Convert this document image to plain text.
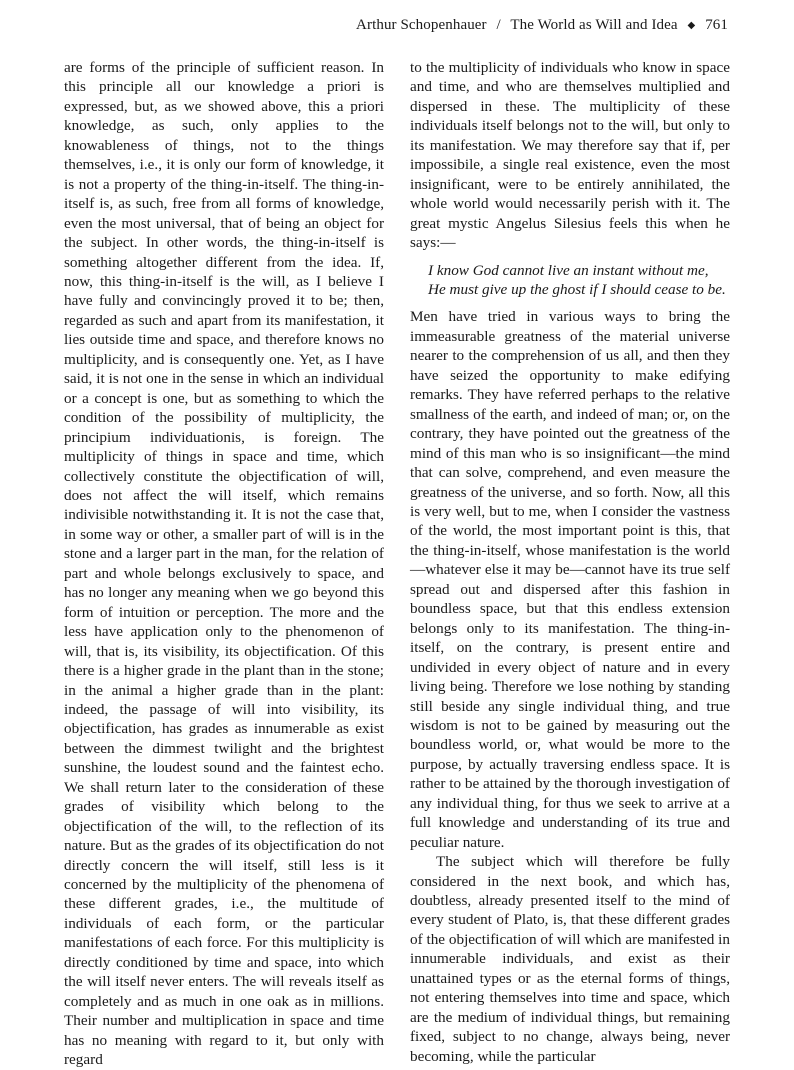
Arthur Schopenhauer / The World as Will and Idea ◆ 761

are forms of the principle of sufficient reason. In this principle all our knowledge a priori is expressed, but, as we showed above, this a priori knowledge, as such, only applies to the knowableness of things, not to the things themselves, i.e., it is only our form of knowledge, it is not a property of the thing-in-itself. The thing-in-itself is, as such, free from all forms of knowledge, even the most universal, that of being an object for the subject. In other words, the thing-in-itself is something altogether different from the idea. If, now, this thing-in-itself is the will, as I believe I have fully and convincingly proved it to be; then, regarded as such and apart from its manifestation, it lies outside time and space, and therefore knows no multiplicity, and is consequently one. Yet, as I have said, it is not one in the sense in which an individual or a concept is one, but as something to which the condition of the possibility of multiplicity, the principium individuationis, is foreign. The multiplicity of things in space and time, which collectively constitute the objectification of will, does not affect the will itself, which remains indivisible notwithstanding it. It is not the case that, in some way or other, a smaller part of will is in the stone and a larger part in the man, for the relation of part and whole belongs exclusively to space, and has no longer any meaning when we go beyond this form of intuition or perception. The more and the less have application only to the phenomenon of will, that is, its visibility, its objectification. Of this there is a higher grade in the plant than in the stone; in the animal a higher grade than in the plant: indeed, the passage of will into visibility, its objectification, has grades as innumerable as exist between the dimmest twilight and the brightest sunshine, the loudest sound and the faintest echo. We shall return later to the consideration of these grades of visibility which belong to the objectification of the will, to the reflection of its nature. But as the grades of its objectification do not directly concern the will itself, still less is it concerned by the multiplicity of the phenomena of these different grades, i.e., the multitude of individuals of each form, or the particular manifestations of each force. For this multiplicity is directly conditioned by time and space, into which the will itself never enters. The will reveals itself as completely and as much in one oak as in millions. Their number and multiplication in space and time has no meaning with regard to it, but only with regard

to the multiplicity of individuals who know in space and time, and who are themselves multiplied and dispersed in these. The multiplicity of these individuals itself belongs not to the will, but only to its manifestation. We may therefore say that if, per impossibile, a single real existence, even the most insignificant, were to be entirely annihilated, the whole world would necessarily perish with it. The great mystic Angelus Silesius feels this when he says:—

I know God cannot live an instant without me,
He must give up the ghost if I should cease to be.

Men have tried in various ways to bring the immeasurable greatness of the material universe nearer to the comprehension of us all, and then they have seized the opportunity to make edifying remarks. They have referred perhaps to the relative smallness of the earth, and indeed of man; or, on the contrary, they have pointed out the greatness of the mind of this man who is so insignificant—the mind that can solve, comprehend, and even measure the greatness of the universe, and so forth. Now, all this is very well, but to me, when I consider the vastness of the world, the most important point is this, that the thing-in-itself, whose manifestation is the world—whatever else it may be—cannot have its true self spread out and dispersed after this fashion in boundless space, but that this endless extension belongs only to its manifestation. The thing-in-itself, on the contrary, is present entire and undivided in every object of nature and in every living being. Therefore we lose nothing by standing still beside any single individual thing, and true wisdom is not to be gained by measuring out the boundless world, or, what would be more to the purpose, by actually traversing endless space. It is rather to be attained by the thorough investigation of any individual thing, for thus we seek to arrive at a full knowledge and understanding of its true and peculiar nature.

The subject which will therefore be fully considered in the next book, and which has, doubtless, already presented itself to the mind of every student of Plato, is, that these different grades of the objectification of will which are manifested in innumerable individuals, and exist as their unattained types or as the eternal forms of things, not entering themselves into time and space, which are the medium of individual things, but remaining fixed, subject to no change, always being, never becoming, while the particular
